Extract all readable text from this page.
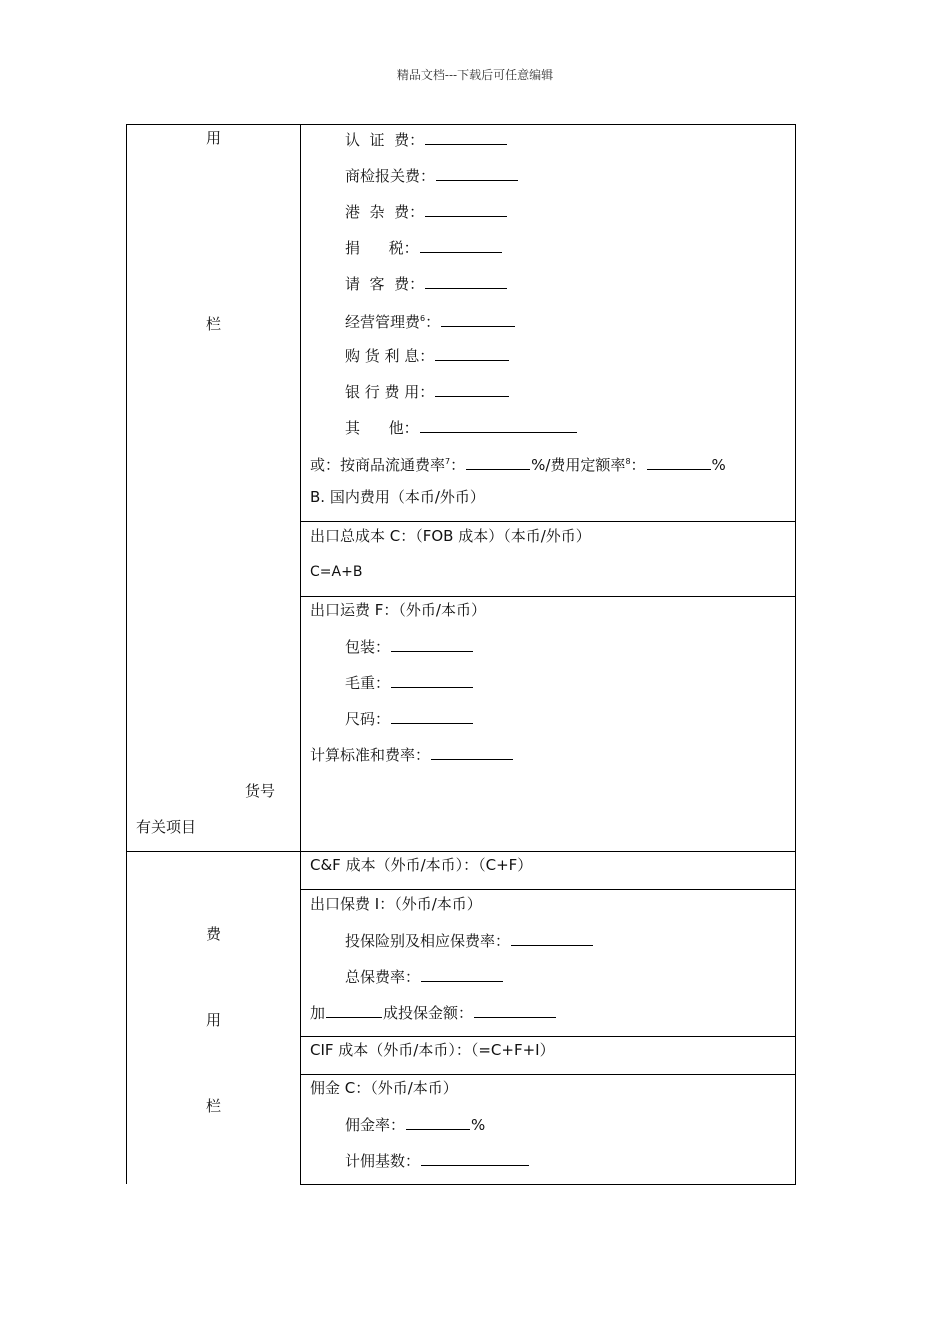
精品文档---下载后可任意编辑
用
栏
货号
有关项目
费
用
栏
认  证  费：
商检报关费：
港  杂  费：
捐      税：
请  客  费：
经营管理费$^6$：
购 货 利 息：
银 行 费 用：
其      他：
或：按商品流通费率$^7$：	%/费用定额率$^8$：	%
B. 国内费用（本币/外币）
出口总成本 C：（FOB 成本）（本币/外币）
C=A+B
出口运费 F：（外币/本币）
包装：
毛重：
尺码：
计算标准和费率：
C&F 成本（外币/本币）：（C+F）
出口保费 I：（外币/本币）
投保险别及相应保费率：
总保费率：
加	成投保金额：
CIF 成本（外币/本币）：（=C+F+I）
佣金 C：（外币/本币）
佣金率：	%
计佣基数：
